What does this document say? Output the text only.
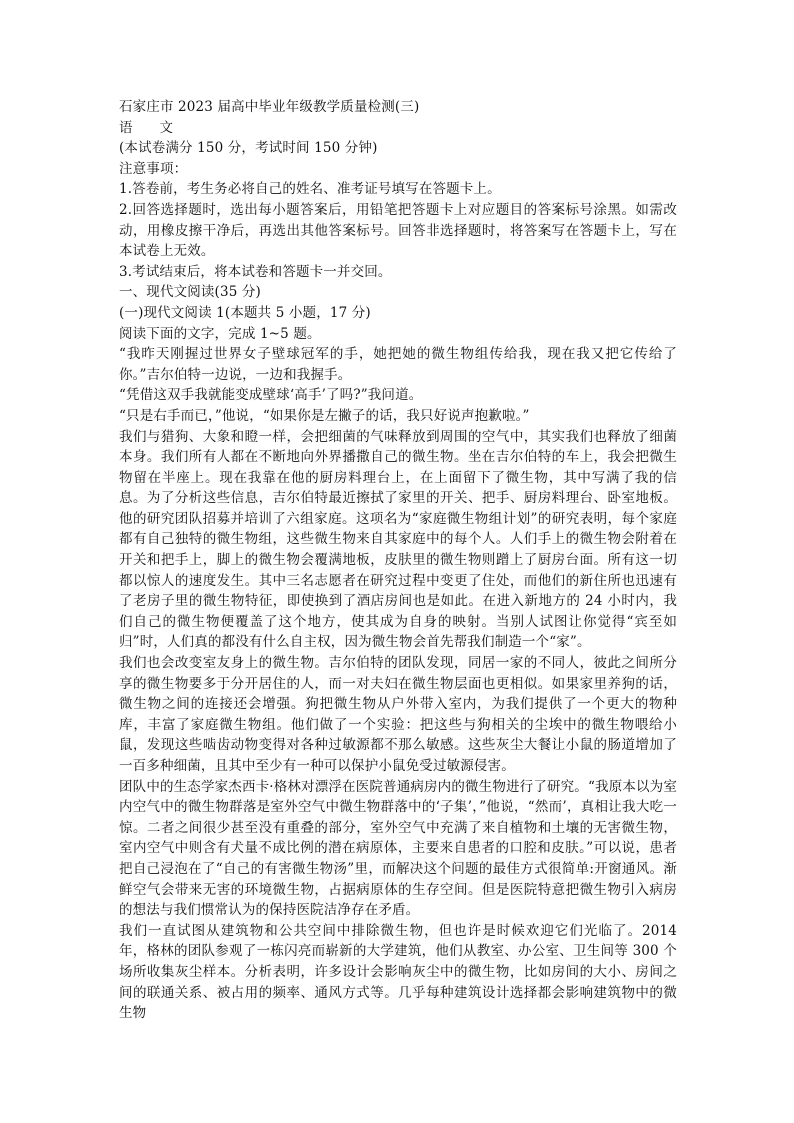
石家庄市 2023 届高中毕业年级教学质量检测(三)
语　　文
(本试卷满分 150 分，考试时间 150 分钟)
注意事项：
1.答卷前，考生务必将自己的姓名、准考证号填写在答题卡上。
2.回答选择题时，选出每小题答案后，用铅笔把答题卡上对应题目的答案标号涂黑。如需改动，用橡皮擦干净后，再选出其他答案标号。回答非选择题时，将答案写在答题卡上，写在本试卷上无效。
3.考试结束后，将本试卷和答题卡一并交回。
一、现代文阅读(35 分)
(一)现代文阅读 1(本题共 5 小题，17 分)
阅读下面的文字，完成 1~5 题。
“我昨天刚握过世界女子壁球冠军的手，她把她的微生物组传给我，现在我又把它传给了你。”吉尔伯特一边说，一边和我握手。
“凭借这双手我就能变成壁球‘高手’了吗?”我问道。
“只是右手而已，”他说，“如果你是左撇子的话，我只好说声抱歉啦。”
我们与猎狗、大象和瞪一样，会把细菌的气味释放到周围的空气中，其实我们也释放了细菌本身。我们所有人都在不断地向外界播撒自己的微生物。坐在吉尔伯特的车上，我会把微生物留在半座上。现在我靠在他的厨房料理台上，在上面留下了微生物，其中写满了我的信息。为了分析这些信息，吉尔伯特最近擦拭了家里的开关、把手、厨房料理台、卧室地板。他的研究团队招募并培训了六组家庭。这项名为“家庭微生物组计划”的研究表明，每个家庭都有自己独特的微生物组，这些微生物来自其家庭中的每个人。人们手上的微生物会附着在开关和把手上，脚上的微生物会覆满地板，皮肤里的微生物则蹭上了厨房台面。所有这一切都以惊人的速度发生。其中三名志愿者在研究过程中变更了住处，而他们的新住所也迅速有了老房子里的微生物特征，即使换到了酒店房间也是如此。在进入新地方的 24 小时内，我们自己的微生物便覆盖了这个地方，使其成为自身的映射。当别人试图让你觉得“宾至如归”时，人们真的都没有什么自主权，因为微生物会首先帮我们制造一个“家”。
我们也会改变室友身上的微生物。吉尔伯特的团队发现，同居一家的不同人，彼此之间所分享的微生物要多于分开居住的人，而一对夫妇在微生物层面也更相似。如果家里养狗的话，微生物之间的连接还会增强。狗把微生物从户外带入室内，为我们提供了一个更大的物种库，丰富了家庭微生物组。他们做了一个实验：把这些与狗相关的尘埃中的微生物喂给小鼠，发现这些啮齿动物变得对各种过敏源都不那么敏感。这些灰尘大餐让小鼠的肠道增加了一百多种细菌，且其中至少有一种可以保护小鼠免受过敏源侵害。
团队中的生态学家杰西卡·格林对漂浮在医院普通病房内的微生物进行了研究。“我原本以为室内空气中的微生物群落是室外空气中微生物群落中的‘子集’，”他说，“然而’，真相让我大吃一惊。二者之间很少甚至没有重叠的部分，室外空气中充满了来自植物和土壤的无害微生物，室内空气中则含有犬量不成比例的潜在病原体，主要来自患者的口腔和皮肤。”可以说，患者把自己浸泡在了“自己的有害微生物汤”里，而解决这个问题的最佳方式很简单:开窗通风。渐鲜空气会带来无害的环境微生物，占据病原体的生存空间。但是医院特意把微生物引入病房的想法与我们惯常认为的保持医院洁净存在矛盾。
我们一直试图从建筑物和公共空间中排除微生物，但也许是时候欢迎它们光临了。2014 年，格林的团队参观了一栋闪亮而崭新的大学建筑，他们从教室、办公室、卫生间等 300 个场所收集灰尘样本。分析表明，许多设计会影响灰尘中的微生物，比如房间的大小、房间之间的联通关系、被占用的频率、通风方式等。几乎每种建筑设计选择都会影响建筑物中的微生物
